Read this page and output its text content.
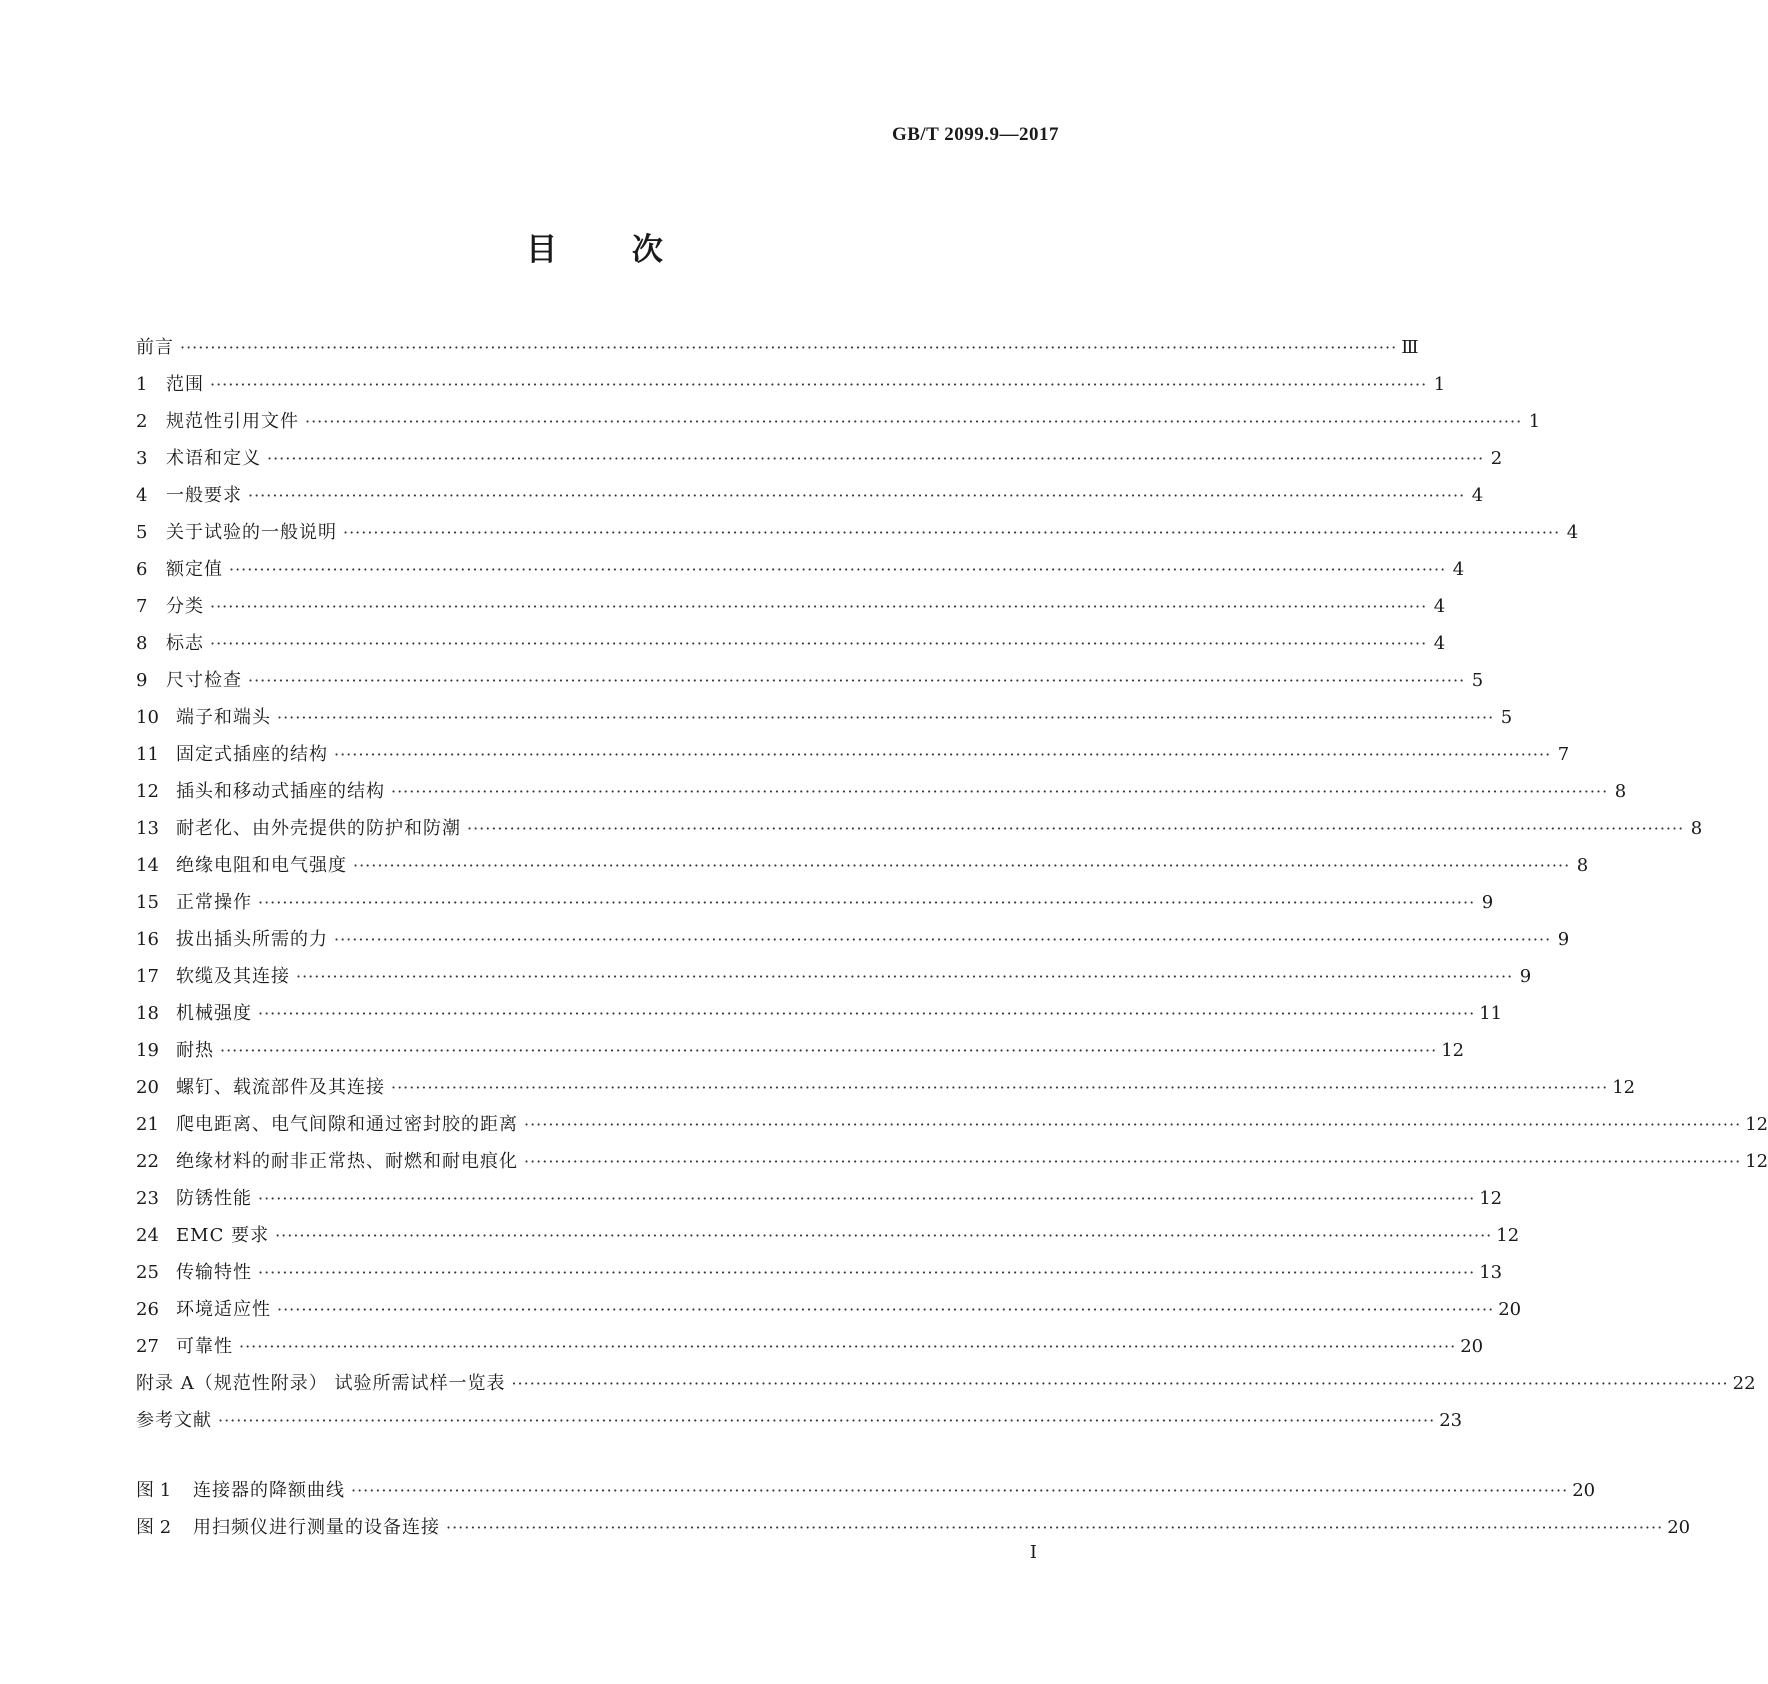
GB/T 2099.9—2017
目 次
前言 ········································································································································································································ Ⅲ
1	范围 ········································································································································································································ 1
2	规范性引用文件 ········································································································································································································ 1
3	术语和定义 ········································································································································································································ 2
4	一般要求 ········································································································································································································ 4
5	关于试验的一般说明 ········································································································································································································ 4
6	额定值 ········································································································································································································ 4
7	分类 ········································································································································································································ 4
8	标志 ········································································································································································································ 4
9	尺寸检查 ········································································································································································································ 5
10 端子和端头 ········································································································································································································ 5
11 固定式插座的结构 ········································································································································································································ 7
12 插头和移动式插座的结构 ········································································································································································································ 8
13 耐老化、由外壳提供的防护和防潮 ········································································································································································································ 8
14 绝缘电阻和电气强度 ········································································································································································································ 8
15 正常操作 ········································································································································································································ 9
16 拔出插头所需的力 ········································································································································································································ 9
17 软缆及其连接 ········································································································································································································ 9
18 机械强度 ········································································································································································································ 11
19 耐热 ········································································································································································································ 12
20 螺钉、载流部件及其连接 ········································································································································································································ 12
21 爬电距离、电气间隙和通过密封胶的距离 ········································································································································································································ 12
22 绝缘材料的耐非正常热、耐燃和耐电痕化 ········································································································································································································ 12
23 防锈性能 ········································································································································································································ 12
24 EMC 要求 ········································································································································································································ 12
25 传输特性 ········································································································································································································ 13
26 环境适应性 ········································································································································································································ 20
27 可靠性 ········································································································································································································ 20
附录 A（规范性附录） 试验所需试样一览表 ········································································································································································································ 22
参考文献 ········································································································································································································ 23
图 1	连接器的降额曲线 ········································································································································································································ 20
图 2	用扫频仪进行测量的设备连接 ········································································································································································································ 20
Ⅰ
